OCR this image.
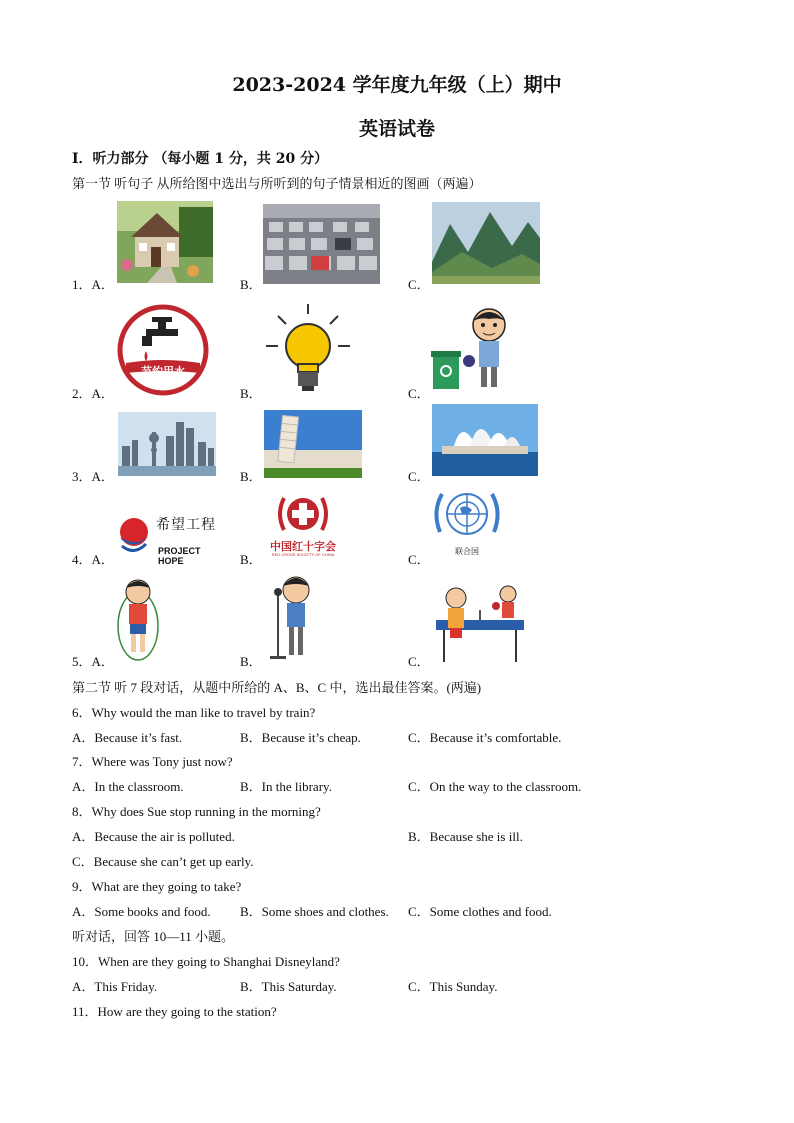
2023-2024 学年度九年级（上）期中
英语试卷
Ⅰ．听力部分 （每小题 1 分，共 20 分）
第一节 听句子 从所给图中选出与所听到的句子情景相近的图画（两遍）
1．A．	B．	C．
2．A．	B．	C．
节约用水
3．A．	B．	C．
4．A．	B．	C．
希望工程
PROJECT HOPE
中国红十字会
RED CROSS SOCIETY OF CHINA	联合国
5．A．	B．	C．
第二节 听 7 段对话，从题中所给的 A、B、C 中，选出最佳答案。(两遍)
6．Why would the man like to travel by train?
A．Because it’s fast.	B．Because it’s cheap.	C．Because it’s comfortable.
7．Where was Tony just now?
A．In the classroom.	B．In the library.	C．On the way to the classroom.
8．Why does Sue stop running in the morning?
A．Because the air is polluted.	B．Because she is ill.
C．Because she can’t get up early.
9．What are they going to take?
A．Some books and food. B．Some shoes and clothes. C．Some clothes and food.
听对话，回答 10—11 小题。
10．When are they going to Shanghai Disneyland?
A．This Friday.	B．This Saturday.	C．This Sunday.
11．How are they going to the station?
